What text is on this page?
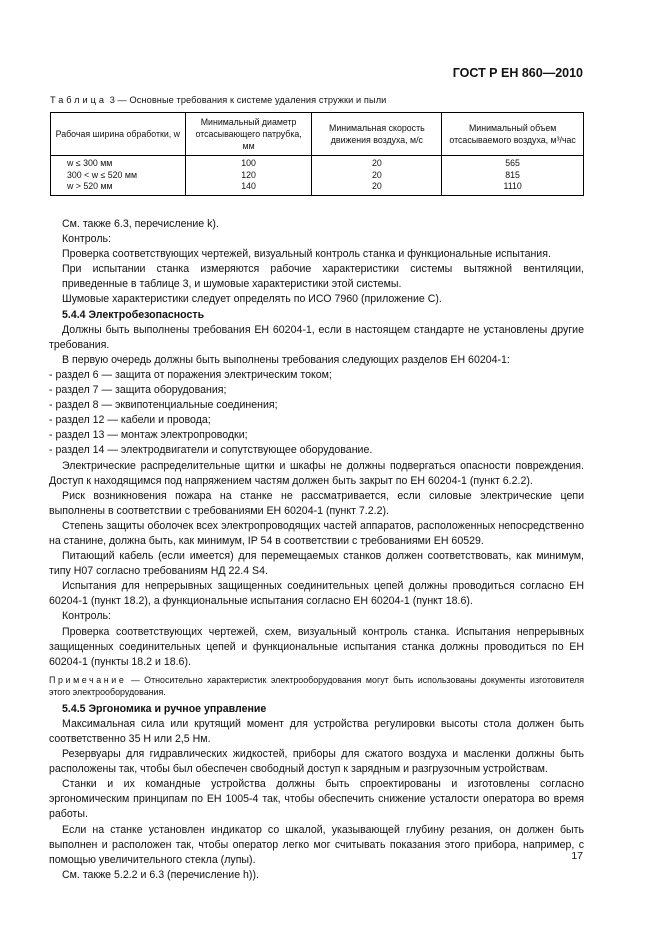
ГОСТ Р ЕН 860—2010
Таблица 3 — Основные требования к системе удаления стружки и пыли
Рабочая ширина обработки, w	Минимальный диаметр отсасывающего патрубка, мм	Минимальная скорость движения воздуха, м/с	Минимальный объем отсасываемого воздуха, м³/час
w ≤ 300 мм	100	20	565
300 < w ≤ 520 мм	120	20	815
w > 520 мм	140	20	1110

См. также 6.3, перечисление k).

Контроль:

Проверка соответствующих чертежей, визуальный контроль станка и функциональные испытания.

При испытании станка измеряются рабочие характеристики системы вытяжной вентиляции, приведенные в таблице 3, и шумовые характеристики этой системы.

Шумовые характеристики следует определять по ИСО 7960 (приложение С).

5.4.4 Электробезопасность

Должны быть выполнены требования ЕН 60204-1, если в настоящем стандарте не установлены другие требования.

В первую очередь должны быть выполнены требования следующих разделов ЕН 60204-1:

- раздел 6 — защита от поражения электрическим током;

- раздел 7 — защита оборудования;

- раздел 8 — эквипотенциальные соединения;

- раздел 12 — кабели и провода;

- раздел 13 — монтаж электропроводки;

- раздел 14 — электродвигатели и сопутствующее оборудование.

Электрические распределительные щитки и шкафы не должны подвергаться опасности повреждения. Доступ к находящимся под напряжением частям должен быть закрыт по ЕН 60204-1 (пункт 6.2.2).

Риск возникновения пожара на станке не рассматривается, если силовые электрические цепи выполнены в соответствии с требованиями ЕН 60204-1 (пункт 7.2.2).

Степень защиты оболочек всех электропроводящих частей аппаратов, расположенных непосредственно на станине, должна быть, как минимум, IP 54 в соответствии с требованиями ЕН 60529.

Питающий кабель (если имеется) для перемещаемых станков должен соответствовать, как минимум, типу Н07 согласно требованиям НД 22.4 S4.

Испытания для непрерывных защищенных соединительных цепей должны проводиться согласно ЕН 60204-1 (пункт 18.2), а функциональные испытания согласно ЕН 60204-1 (пункт 18.6).

Контроль:

Проверка соответствующих чертежей, схем, визуальный контроль станка. Испытания непрерывных защищенных соединительных цепей и функциональные испытания станка должны проводиться по ЕН 60204-1 (пункты 18.2 и 18.6).

Примечание — Относительно характеристик электрооборудования могут быть использованы документы изготовителя этого электрооборудования.

5.4.5 Эргономика и ручное управление

Максимальная сила или крутящий момент для устройства регулировки высоты стола должен быть соответственно 35 Н или 2,5 Нм.

Резервуары для гидравлических жидкостей, приборы для сжатого воздуха и масленки должны быть расположены так, чтобы был обеспечен свободный доступ к зарядным и разгрузочным устройствам.

Станки и их командные устройства должны быть спроектированы и изготовлены согласно эргономическим принципам по ЕН 1005-4 так, чтобы обеспечить снижение усталости оператора во время работы.

Если на станке установлен индикатор со шкалой, указывающей глубину резания, он должен быть выполнен и расположен так, чтобы оператор легко мог считывать показания этого прибора, например, с помощью увеличительного стекла (лупы).

См. также 5.2.2 и 6.3 (перечисление h)).

17
